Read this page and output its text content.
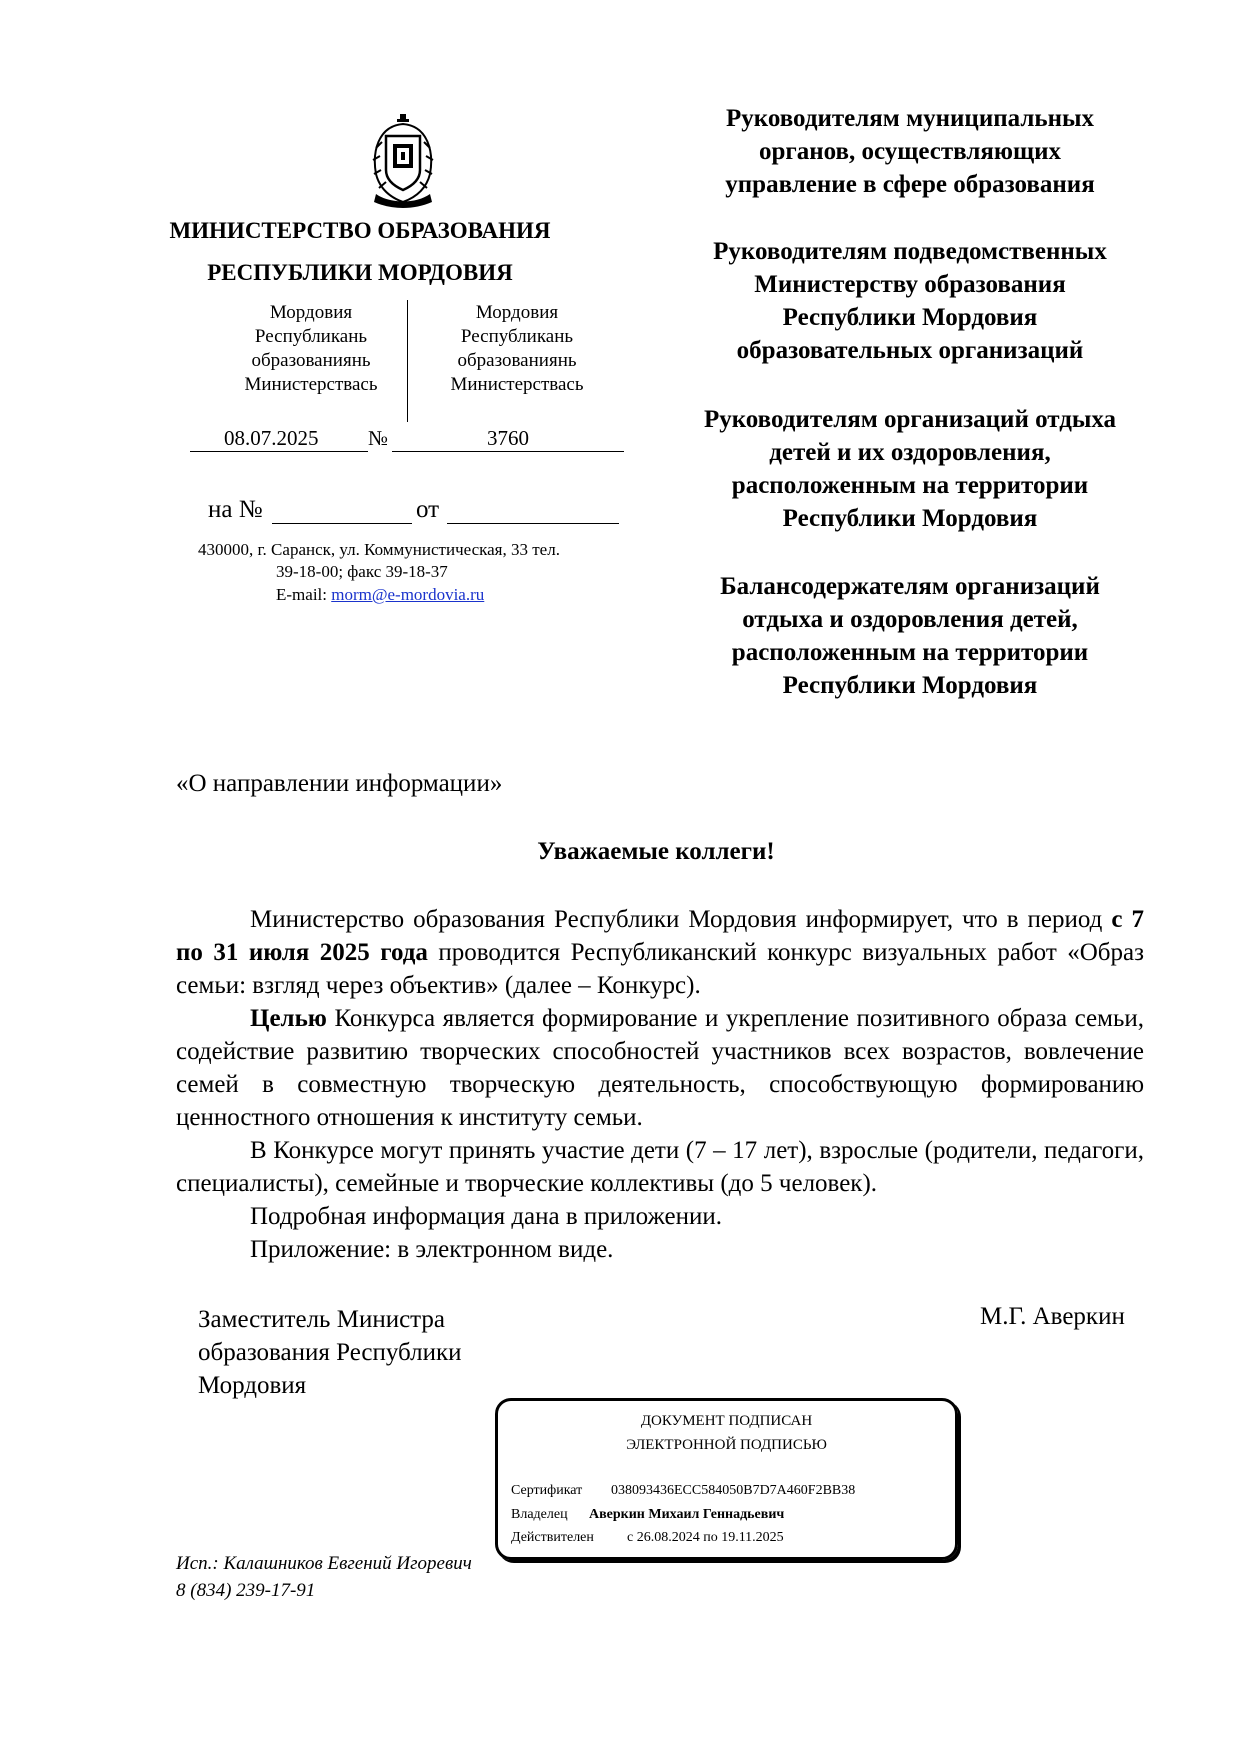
МИНИСТЕРСТВО ОБРАЗОВАНИЯ
РЕСПУБЛИКИ МОРДОВИЯ
Мордовия
Республикань
образованиянь
Министерствась
Мордовия
Республикань
образованиянь
Министерствась
08.07.2025 №	3760
на №	от
430000, г. Саранск, ул. Коммунистическая, 33 тел.
39-18-00; факс 39-18-37
E-mail: morm@e-mordovia.ru
Руководителям муниципальных
органов, осуществляющих
управление в сфере образования
Руководителям подведомственных
Министерству образования
Республики Мордовия
образовательных организаций
Руководителям организаций отдыха
детей и их оздоровления,
расположенным на территории
Республики Мордовия
Балансодержателям организаций
отдыха и оздоровления детей,
расположенным на территории
Республики Мордовия
«О направлении информации»
Уважаемые коллеги!

Министерство образования Республики Мордовия информирует, что в период с 7 по 31 июля 2025 года проводится Республиканский конкурс визуальных работ «Образ семьи: взгляд через объектив» (далее – Конкурс).

Целью Конкурса является формирование и укрепление позитивного образа семьи, содействие развитию творческих способностей участников всех возрастов, вовлечение семей в совместную творческую деятельность, способствующую формированию ценностного отношения к институту семьи.

В Конкурсе могут принять участие дети (7 – 17 лет), взрослые (родители, педагоги, специалисты), семейные и творческие коллективы (до 5 человек).

Подробная информация дана в приложении.

Приложение: в электронном виде.

Заместитель Министра
образования Республики
Мордовия
М.Г. Аверкин
ДОКУМЕНТ ПОДПИСАН
ЭЛЕКТРОННОЙ ПОДПИСЬЮ
Сертификат 038093436ECC584050B7D7A460F2BB38
Владелец Аверкин Михаил Геннадьевич
Действителен с 26.08.2024 по 19.11.2025
Исп.: Калашников Евгений Игоревич
8 (834) 239-17-91
